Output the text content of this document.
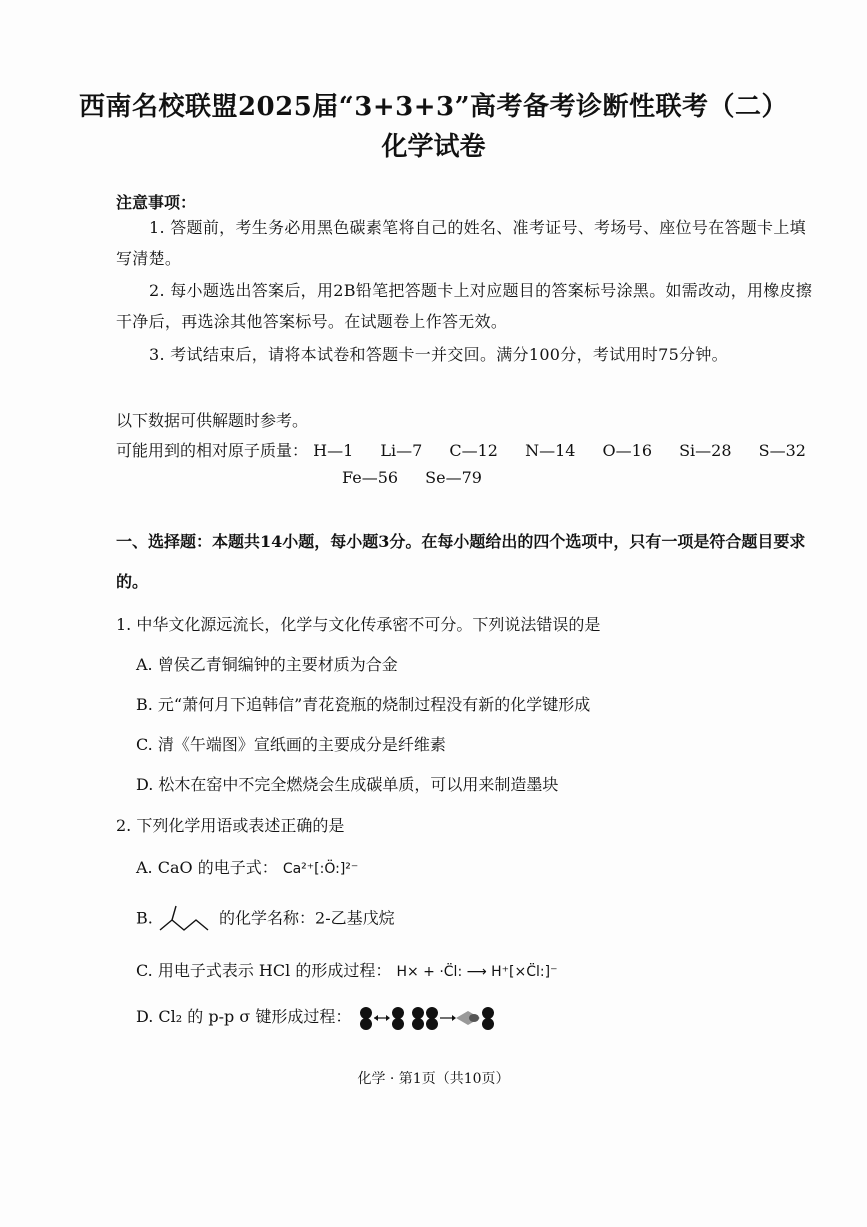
西南名校联盟2025届“3+3+3”高考备考诊断性联考（二）
化学试卷
注意事项：
1. 答题前，考生务必用黑色碳素笔将自己的姓名、准考证号、考场号、座位号在答题卡上填写清楚。
2. 每小题选出答案后，用2B铅笔把答题卡上对应题目的答案标号涂黑。如需改动，用橡皮擦干净后，再选涂其他答案标号。在试题卷上作答无效。
3. 考试结束后，请将本试卷和答题卡一并交回。满分100分，考试用时75分钟。
以下数据可供解题时参考。
可能用到的相对原子质量： H—1 Li—7 C—12 N—14 O—16 Si—28 S—32
Fe—56 Se—79
一、选择题：本题共14小题，每小题3分。在每小题给出的四个选项中，只有一项是符合题目要求的。
1. 中华文化源远流长，化学与文化传承密不可分。下列说法错误的是
A. 曾侯乙青铜编钟的主要材质为合金
B. 元“萧何月下追韩信”青花瓷瓶的烧制过程没有新的化学键形成
C. 清《午端图》宣纸画的主要成分是纤维素
D. 松木在窑中不完全燃烧会生成碳单质，可以用来制造墨块
2. 下列化学用语或表述正确的是
A. CaO 的电子式： Ca²⁺[:Ö:]²⁻
B.	的化学名称：2-乙基戊烷
C. 用电子式表示 HCl 的形成过程： H× + ·C̈l: ⟶ H⁺[×C̈l:]⁻
D. Cl₂ 的 p-p σ 键形成过程：
化学 · 第1页（共10页）
